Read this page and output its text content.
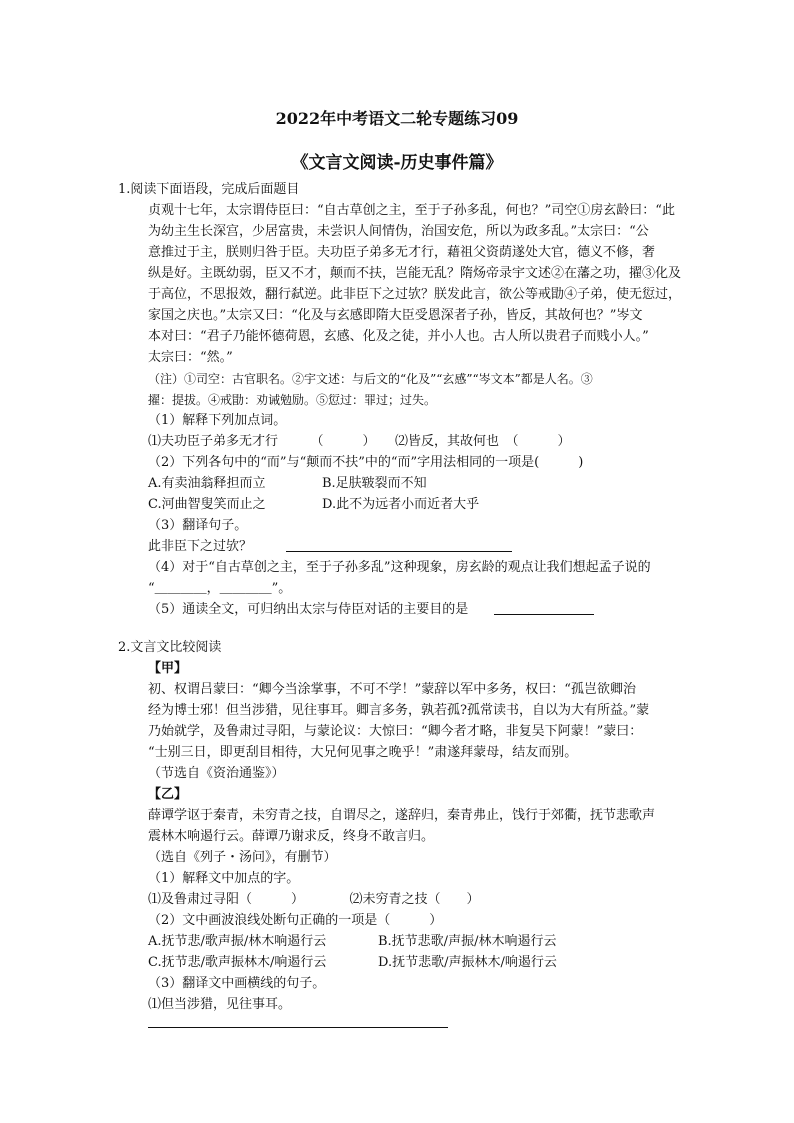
2022年中考语文二轮专题练习09
《文言文阅读-历史事件篇》
1.阅读下面语段，完成后面题目
贞观十七年，太宗谓侍臣曰：“自古草创之主，至于子孙多乱，何也？”司空①房玄龄曰：“此
为幼主生长深宫，少居富贵，未尝识人间情伪，治国安危，所以为政多乱。”太宗曰：“公
意推过于主，朕则归咎于臣。夫功臣子弟多无才行，藉祖父资荫遂处大官，德义不修，奢
纵是好。主既幼弱，臣又不才，颠而不扶，岂能无乱？隋炀帝录宇文述②在藩之功，擢③化及
于高位，不思报效，翻行弑逆。此非臣下之过欤？朕发此言，欲公等戒勖④子弟，使无愆过，
家国之庆也。”太宗又曰：“化及与玄感即隋大臣受恩深者子孙，皆反，其故何也？”岑文
本对曰：“君子乃能怀德荷恩，玄感、化及之徒，并小人也。古人所以贵君子而贱小人。”
太宗曰：“然。”
（注）①司空：古官职名。②宇文述：与后文的“化及”“玄感”“岑文本”都是人名。③
擢：提拔。④戒勖：劝诫勉励。⑤愆过：罪过；过失。
（1）解释下列加点词。
⑴夫功臣子弟多无才行　　　（　　　）　　⑵皆反，其故何也　（　　　）
（2）下列各句中的“而”与“颠而不扶”中的“而”字用法相同的一项是(　　　)
A.有卖油翁释担而立	B.足肤皲裂而不知
C.河曲智叟笑而止之	D.此不为远者小而近者大乎
（3）翻译句子。
此非臣下之过欤？
（4）对于“自古草创之主，至于子孙多乱”这种现象，房玄龄的观点让我们想起孟子说的
“＿＿＿＿，＿＿＿＿”。
（5）通读全文，可归纳出太宗与侍臣对话的主要目的是
2.文言文比较阅读
【甲】
初、权谓吕蒙曰：“卿今当涂掌事，不可不学！”蒙辞以军中多务，权曰：“孤岂欲卿治
经为博士邪！但当涉猎，见往事耳。卿言多务，孰若孤?孤常读书，自以为大有所益。”蒙
乃始就学，及鲁肃过寻阳，与蒙论议：大惊曰：“卿今者才略，非复吴下阿蒙！”蒙曰：
“士别三日，即更刮目相待，大兄何见事之晚乎！”肃遂拜蒙母，结友而别。
（节选自《资治通鉴》）
【乙】
薛谭学讴于秦青，未穷青之技，自谓尽之，遂辞归，秦青弗止，饯行于郊衢，抚节悲歌声
震林木响遏行云。薛谭乃谢求反，终身不敢言归。
（选自《列子・汤问》，有删节）
（1）解释文中加点的字。
⑴及鲁肃过寻阳（　　　）　　　　⑵未穷青之技（　　）
（2）文中画波浪线处断句正确的一项是（　　　）
A.抚节悲/歌声振/林木响遏行云	B.抚节悲歌/声振/林木响遏行云
C.抚节悲/歌声振林木/响遏行云	D.抚节悲歌/声振林木/响遏行云
（3）翻译文中画横线的句子。
⑴但当涉猎，见往事耳。
